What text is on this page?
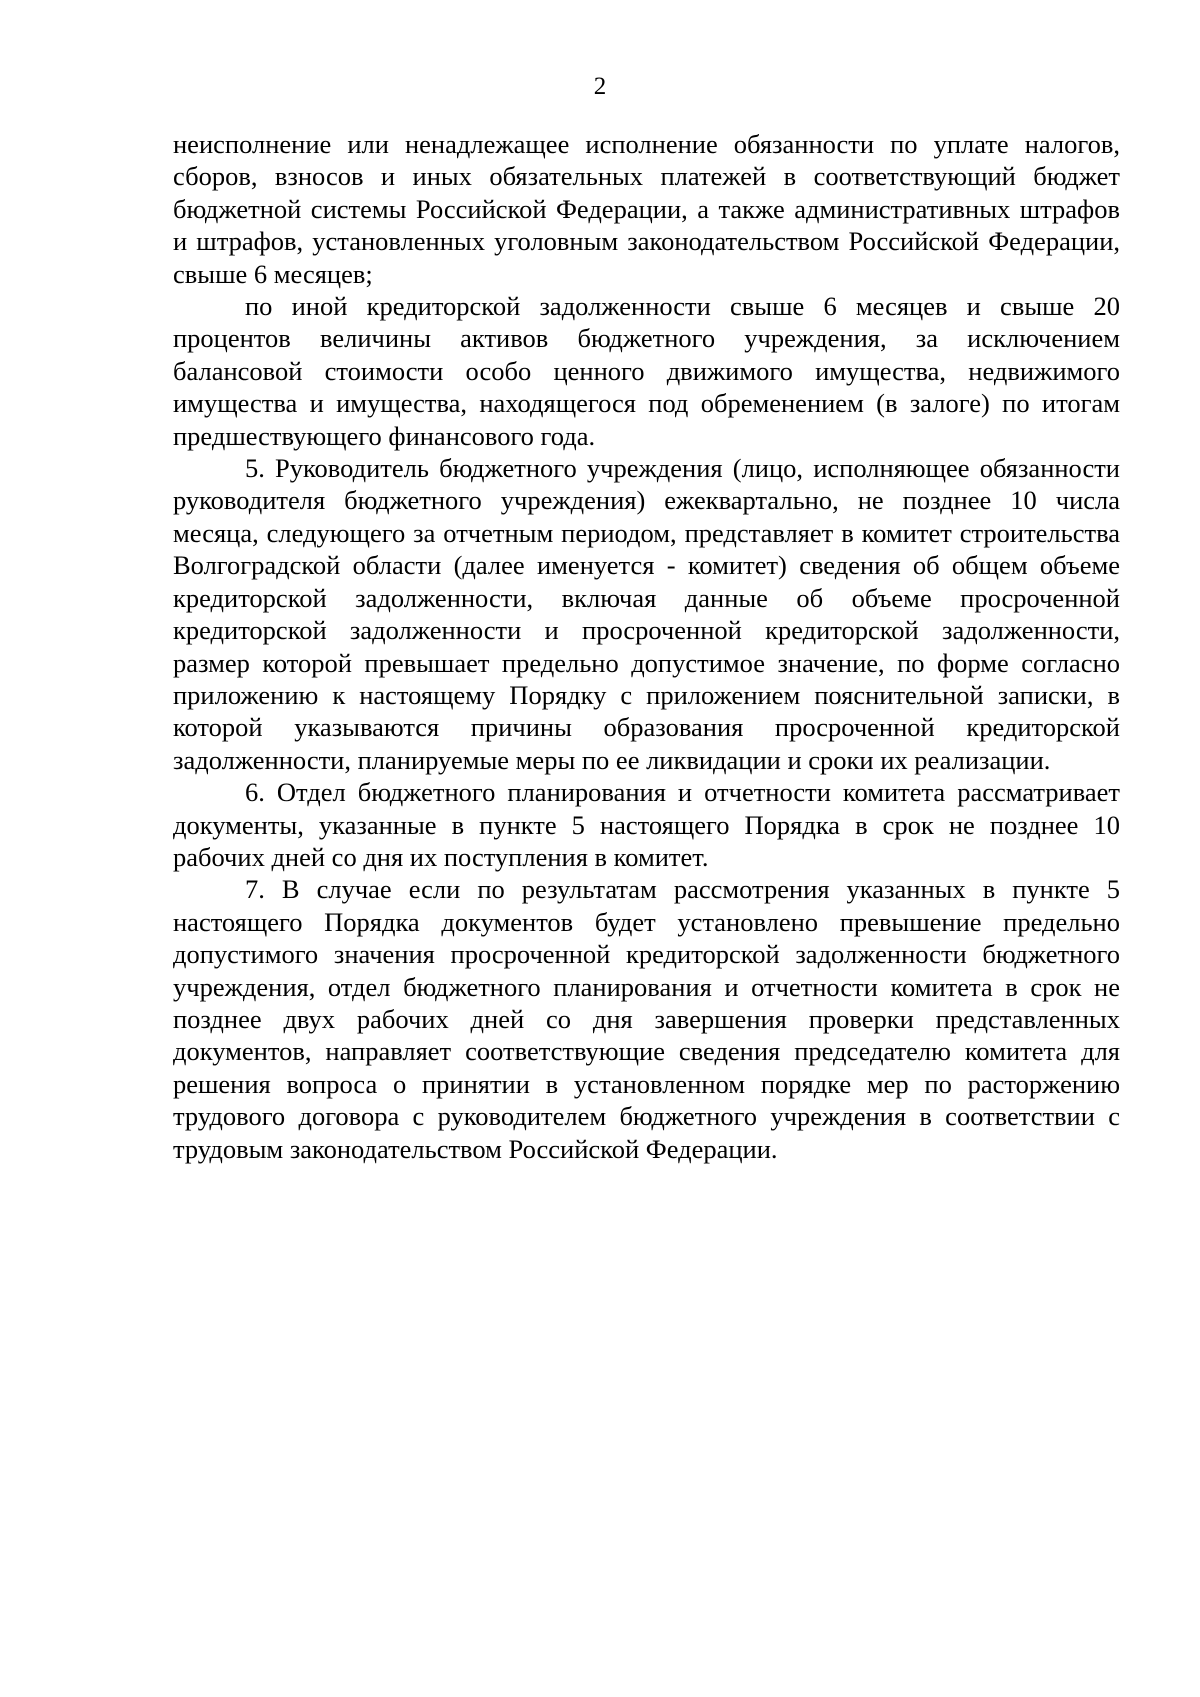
2

неисполнение или ненадлежащее исполнение обязанности по уплате налогов, сборов, взносов и иных обязательных платежей в соответствующий бюджет бюджетной системы Российской Федерации, а также административных штрафов и штрафов, установленных уголовным законодательством Российской Федерации, свыше 6 месяцев;

по иной кредиторской задолженности свыше 6 месяцев и свыше 20 процентов величины активов бюджетного учреждения, за исключением балансовой стоимости особо ценного движимого имущества, недвижимого имущества и имущества, находящегося под обременением (в залоге) по итогам предшествующего финансового года.

5. Руководитель бюджетного учреждения (лицо, исполняющее обязанности руководителя бюджетного учреждения) ежеквартально, не позднее 10 числа месяца, следующего за отчетным периодом, представляет в комитет строительства Волгоградской области (далее именуется - комитет) сведения об общем объеме кредиторской задолженности, включая данные об объеме просроченной кредиторской задолженности и просроченной кредиторской задолженности, размер которой превышает предельно допустимое значение, по форме согласно приложению к настоящему Порядку с приложением пояснительной записки, в которой указываются причины образования просроченной кредиторской задолженности, планируемые меры по ее ликвидации и сроки их реализации.

6. Отдел бюджетного планирования и отчетности комитета рассматривает документы, указанные в пункте 5 настоящего Порядка в срок не позднее 10 рабочих дней со дня их поступления в комитет.

7. В случае если по результатам рассмотрения указанных в пункте 5 настоящего Порядка документов будет установлено превышение предельно допустимого значения просроченной кредиторской задолженности бюджетного учреждения, отдел бюджетного планирования и отчетности комитета в срок не позднее двух рабочих дней со дня завершения проверки представленных документов, направляет соответствующие сведения председателю комитета для решения вопроса о принятии в установленном порядке мер по расторжению трудового договора с руководителем бюджетного учреждения в соответствии с трудовым законодательством Российской Федерации.
